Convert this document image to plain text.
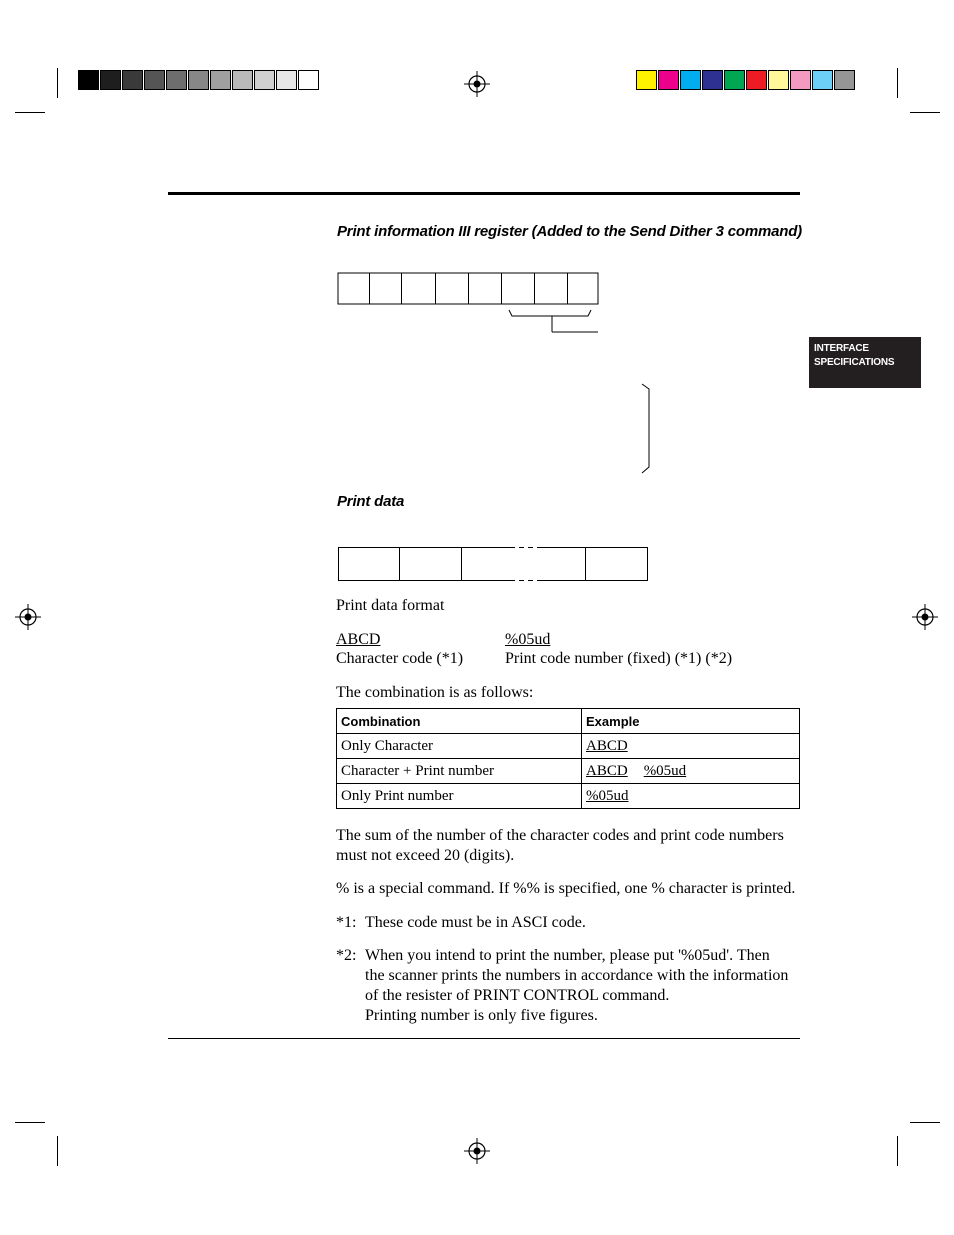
INTERFACE
SPECIFICATIONS
Print information III register (Added to the Send Dither 3 command)
Print data
Print data format
ABCD	%05ud
Character code (*1)	Print code number (fixed) (*1) (*2)
The combination is as follows:
Combination	Example
Only Character	ABCD
Character + Print number	ABCD %05ud
Only Print number	%05ud
The sum of the number of the character codes and print code numbers
must not exceed 20 (digits).
% is a special command. If %% is specified, one % character is printed.
*1: These code must be in ASCI code.
*2: When you intend to print the number, please put '%05ud'. Then
the scanner prints the numbers in accordance with the information
of the resister of PRINT CONTROL command.
Printing number is only five figures.
